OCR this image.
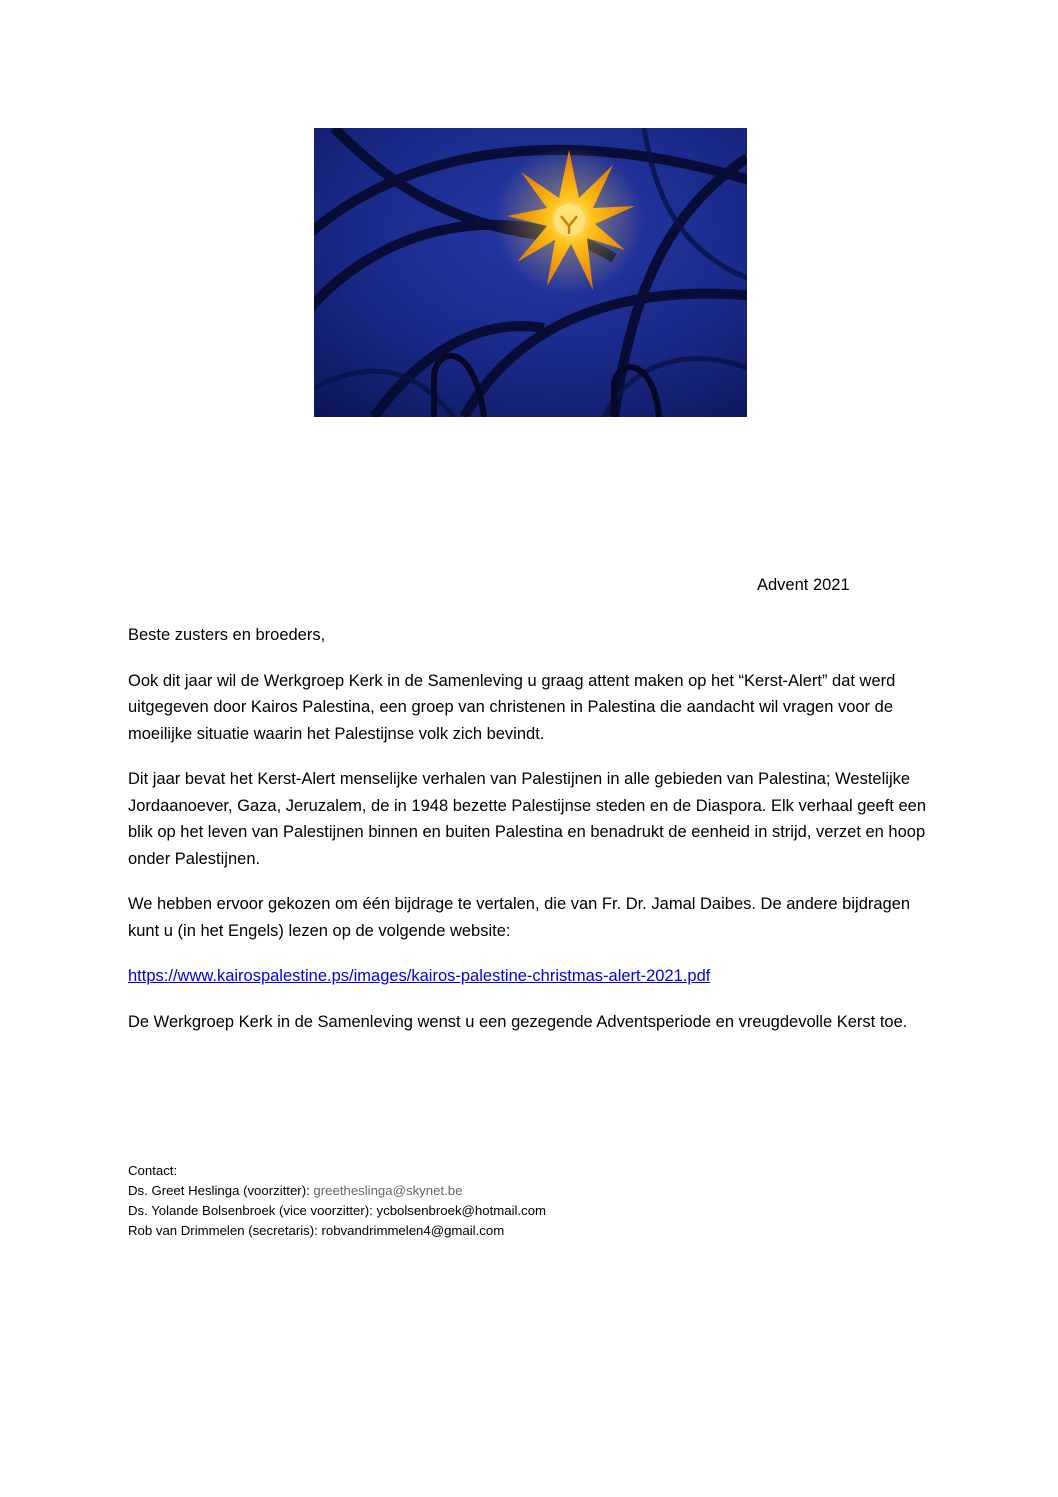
Advent 2021

Beste zusters en broeders,

Ook dit jaar wil de Werkgroep Kerk in de Samenleving u graag attent maken op het “Kerst-Alert” dat werd uitgegeven door Kairos Palestina, een groep van christenen in Palestina die aandacht wil vragen voor de moeilijke situatie waarin het Palestijnse volk zich bevindt.

Dit jaar bevat het Kerst-Alert menselijke verhalen van Palestijnen in alle gebieden van Palestina; Westelijke Jordaanoever, Gaza, Jeruzalem, de in 1948 bezette Palestijnse steden en de Diaspora. Elk verhaal geeft een blik op het leven van Palestijnen binnen en buiten Palestina en benadrukt de eenheid in strijd, verzet en hoop onder Palestijnen.

We hebben ervoor gekozen om één bijdrage te vertalen, die van Fr. Dr. Jamal Daibes. De andere bijdragen kunt u (in het Engels) lezen op de volgende website:

https://www.kairospalestine.ps/images/kairos-palestine-christmas-alert-2021.pdf

De Werkgroep Kerk in de Samenleving wenst u een gezegende Adventsperiode en vreugdevolle Kerst toe.

Contact:
Ds. Greet Heslinga (voorzitter): greetheslinga@skynet.be
Ds. Yolande Bolsenbroek (vice voorzitter): ycbolsenbroek@hotmail.com
Rob van Drimmelen (secretaris): robvandrimmelen4@gmail.com
